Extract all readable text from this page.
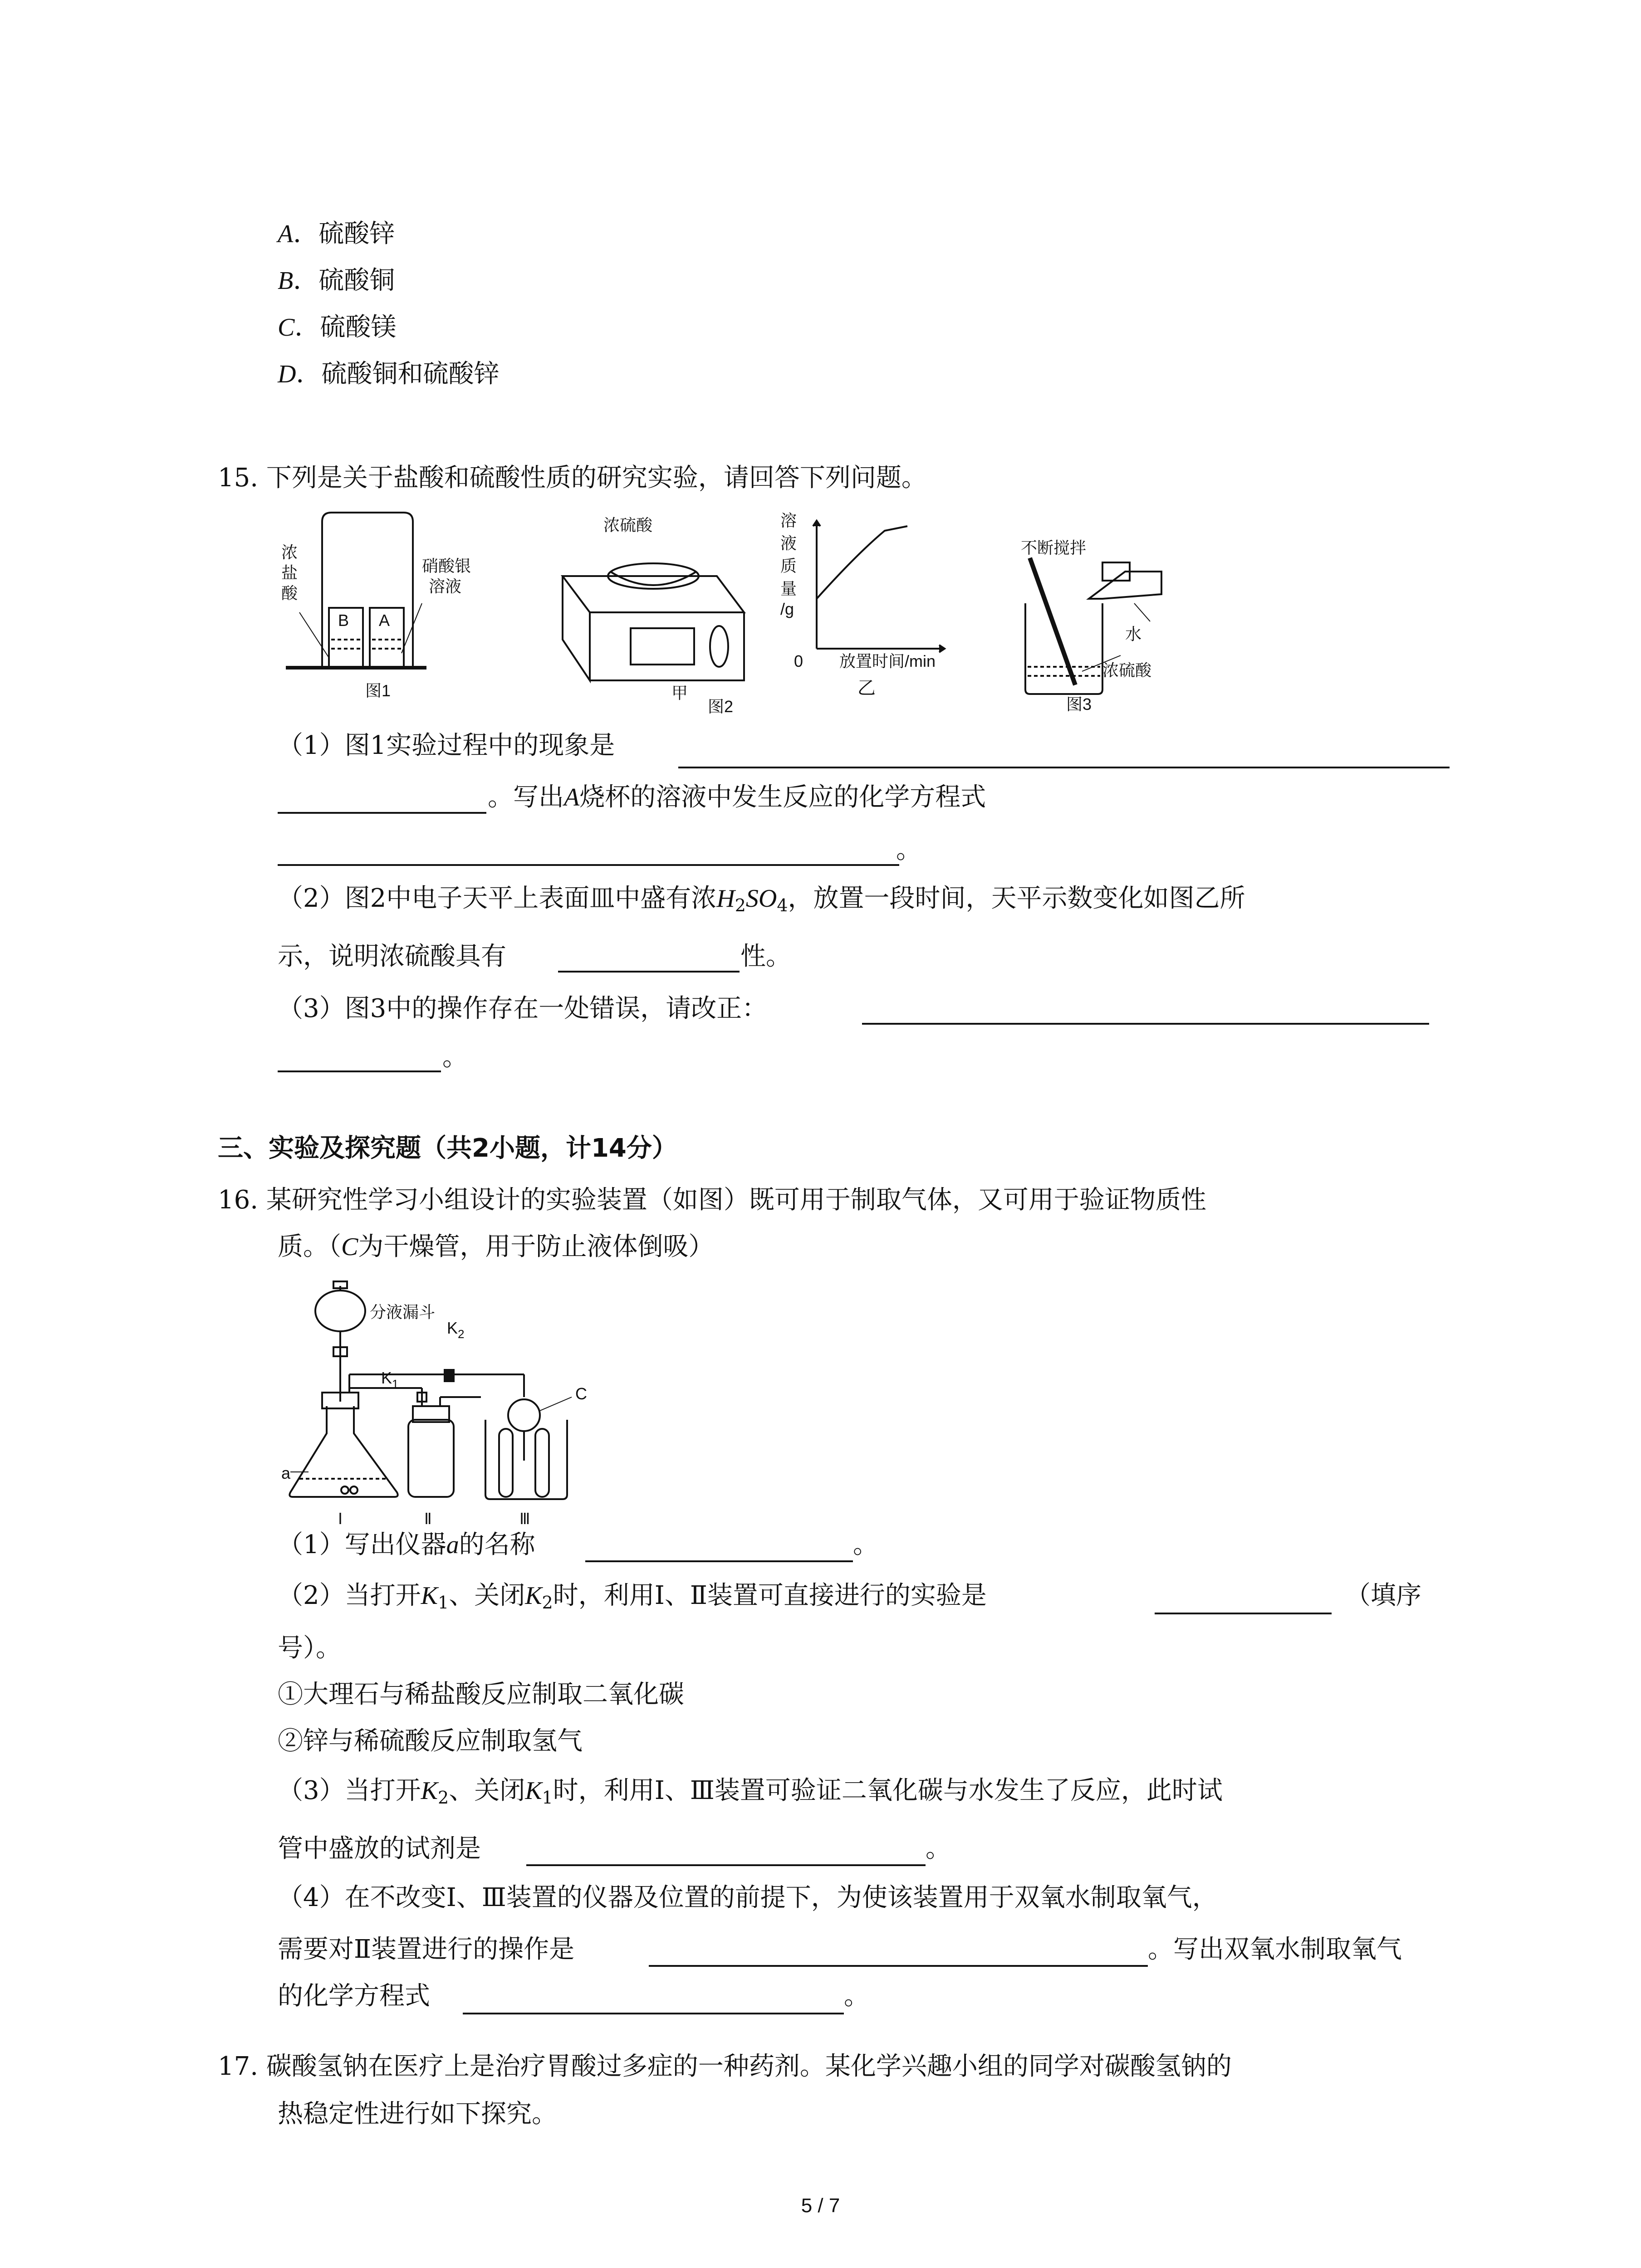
A．硫酸锌
B．硫酸铜
C．硫酸镁
D．硫酸铜和硫酸锌
15. 下列是关于盐酸和硫酸性质的研究实验，请回答下列问题。
浓
盐
酸
硝酸银
溶液
B A
图1
浓硫酸
甲
图2
溶
液
质
量
/g
0 放置时间/min
乙
不断搅拌
水
浓硫酸
图3
（1）图1实验过程中的现象是
。写出A烧杯的溶液中发生反应的化学方程式
。
（2）图2中电子天平上表面皿中盛有浓$H_2SO_4$，放置一段时间，天平示数变化如图乙所
示，说明浓硫酸具有	性。
（3）图3中的操作存在一处错误，请改正：
。
三、实验及探究题（共2小题，计14分）
16. 某研究性学习小组设计的实验装置（如图）既可用于制取气体，又可用于验证物质性
质。（C为干燥管，用于防止液体倒吸）
分液漏斗
$K_2$
$K_1$
C
a
Ⅰ	Ⅱ	Ⅲ
（1）写出仪器a的名称	。
（2）当打开$K_1$、关闭$K_2$时，利用Ⅰ、Ⅱ装置可直接进行的实验是	（填序
号）。
①大理石与稀盐酸反应制取二氧化碳
②锌与稀硫酸反应制取氢气
（3）当打开$K_2$、关闭$K_1$时，利用Ⅰ、Ⅲ装置可验证二氧化碳与水发生了反应，此时试
管中盛放的试剂是	。
（4）在不改变Ⅰ、Ⅲ装置的仪器及位置的前提下，为使该装置用于双氧水制取氧气，
需要对Ⅱ装置进行的操作是	。写出双氧水制取氧气
的化学方程式	。
17. 碳酸氢钠在医疗上是治疗胃酸过多症的一种药剂。某化学兴趣小组的同学对碳酸氢钠的
热稳定性进行如下探究。
5 / 7
